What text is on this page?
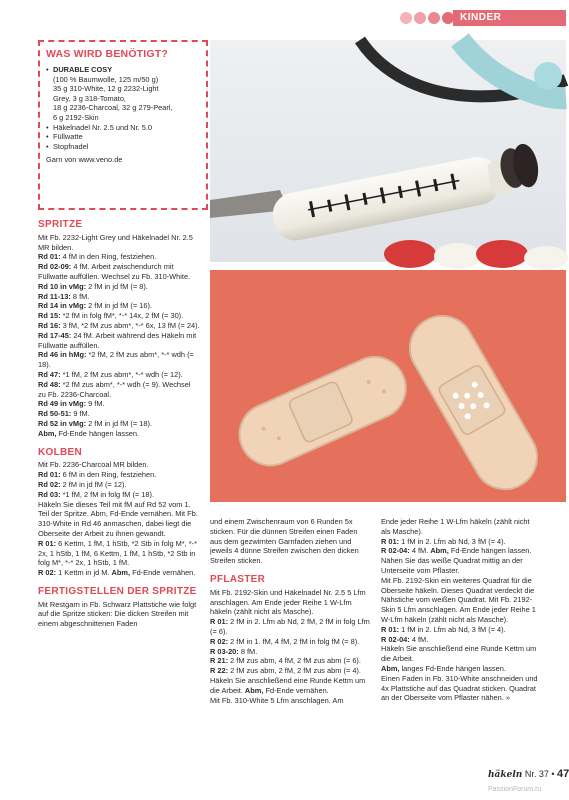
KINDER
WAS WIRD BENÖTIGT?
• DURABLE COSY
(100 % Baumwolle, 125 m/50 g)
35 g 310-White, 12 g 2232-Light
Grey, 3 g 318-Tomato,
18 g 2236-Charcoal, 32 g 279-Pearl,
6 g 2192-Skin
• Häkelnadel Nr. 2.5 und Nr. 5.0
• Füllwatte
• Stopfnadel
Garn von www.veno.de
SPRITZE

Mit Fb. 2232-Light Grey und Häkelnadel Nr. 2.5 MR bilden.

Rd 01: 4 fM in den Ring, festziehen.

Rd 02-09: 4 fM. Arbeit zwischendurch mit Füllwatte auffüllen. Wechsel zu Fb. 310-White.

Rd 10 in vMg: 2 fM in jd fM (= 8).

Rd 11-13: 8 fM.

Rd 14 in vMg: 2 fM in jd fM (= 16).

Rd 15: *2 fM in folg fM*, *-* 14x, 2 fM (= 30).

Rd 16: 3 fM, *2 fM zus abm*, *-* 6x, 13 fM (= 24).

Rd 17-45: 24 fM. Arbeit während des Häkeln mit Füllwatte auffüllen.

Rd 46 in hMg: *2 fM, 2 fM zus abm*, *-* wdh (= 18).

Rd 47: *1 fM, 2 fM zus abm*, *-* wdh (= 12).

Rd 48: *2 fM zus abm*, *-* wdh (= 9). Wechsel zu Fb. 2236-Charcoal.

Rd 49 in vMg: 9 fM.

Rd 50-51: 9 fM.

Rd 52 in vMg: 2 fM in jd fM (= 18).

Abm, Fd-Ende hängen lassen.

KOLBEN

Mit Fb. 2236-Charcoal MR bilden.

Rd 01: 6 fM in den Ring, festziehen.

Rd 02: 2 fM in jd fM (= 12).

Rd 03: *1 fM, 2 fM in folg fM (= 18).

Häkeln Sie dieses Teil mit fM auf Rd 52 vom 1. Teil der Spritze. Abm, Fd-Ende vernähen. Mit Fb. 310-White in Rd 46 anmaschen, dabei liegt die Oberseite der Arbeit zu ihnen gewandt.

R 01: 6 Kettm, 1 fM, 1 hStb, *2 Stb in folg M*, *-* 2x, 1 hStb, 1 fM, 6 Kettm, 1 fM, 1 hStb, *2 Stb in folg M*, *-* 2x, 1 hStb, 1 fM.

R 02: 1 Kettm in jd M. Abm, Fd-Ende vernähen.

FERTIGSTELLEN DER SPRITZE

Mit Restgarn in Fb. Schwarz Plattstiche wie folgt auf die Spritze sticken: Die dicken Streifen mit einem abgeschnittenen Faden

und einem Zwischenraum von 6 Runden 5x sticken. Für die dünnen Streifen einen Faden aus dem gezwirnten Garnfaden ziehen und jeweils 4 dünne Streifen zwischen den dicken Streifen sticken.

PFLASTER

Mit Fb. 2192-Skin und Häkelnadel Nr. 2.5 5 Lfm anschlagen. Am Ende jeder Reihe 1 W-Lfm häkeln (zählt nicht als Masche).

R 01: 2 fM in 2. Lfm ab Nd, 2 fM, 2 fM in folg Lfm (= 6).

R 02: 2 fM in 1. fM, 4 fM, 2 fM in folg fM (= 8).

R 03-20: 8 fM.

R 21: 2 fM zus abm, 4 fM, 2 fM zus abm (= 6).

R 22: 2 fM zus abm, 2 fM, 2 fM zus abm (= 4).

Häkeln Sie anschließend eine Runde Kettm um die Arbeit. Abm, Fd-Ende vernähen.

Mit Fb. 310-White 5 Lfm anschlagen. Am

Ende jeder Reihe 1 W-Lfm häkeln (zählt nicht als Masche).

R 01: 1 fM in 2. Lfm ab Nd, 3 fM (= 4).

R 02-04: 4 fM. Abm, Fd-Ende hängen lassen. Nähen Sie das weiße Quadrat mittig an der Unterseite vom Pflaster.

Mit Fb. 2192-Skin ein weiteres Quadrat für die Oberseite häkeln. Dieses Quadrat verdeckt die Nähstiche vom weißen Quadrat. Mit Fb. 2192-Skin 5 Lfm anschlagen. Am Ende jeder Reihe 1 W-Lfm häkeln (zählt nicht als Masche).

R 01: 1 fM in 2. Lfm ab Nd, 3 fM (= 4).

R 02-04: 4 fM.

Häkeln Sie anschließend eine Runde Kettm um die Arbeit.

Abm, langes Fd-Ende hängen lassen.

Einen Faden in Fb. 310-White anschneiden und 4x Plattstiche auf das Quadrat sticken. Quadrat an der Oberseite vom Pflaster nähen. »

häkeln Nr. 37 • 47
PassionForum.ru
